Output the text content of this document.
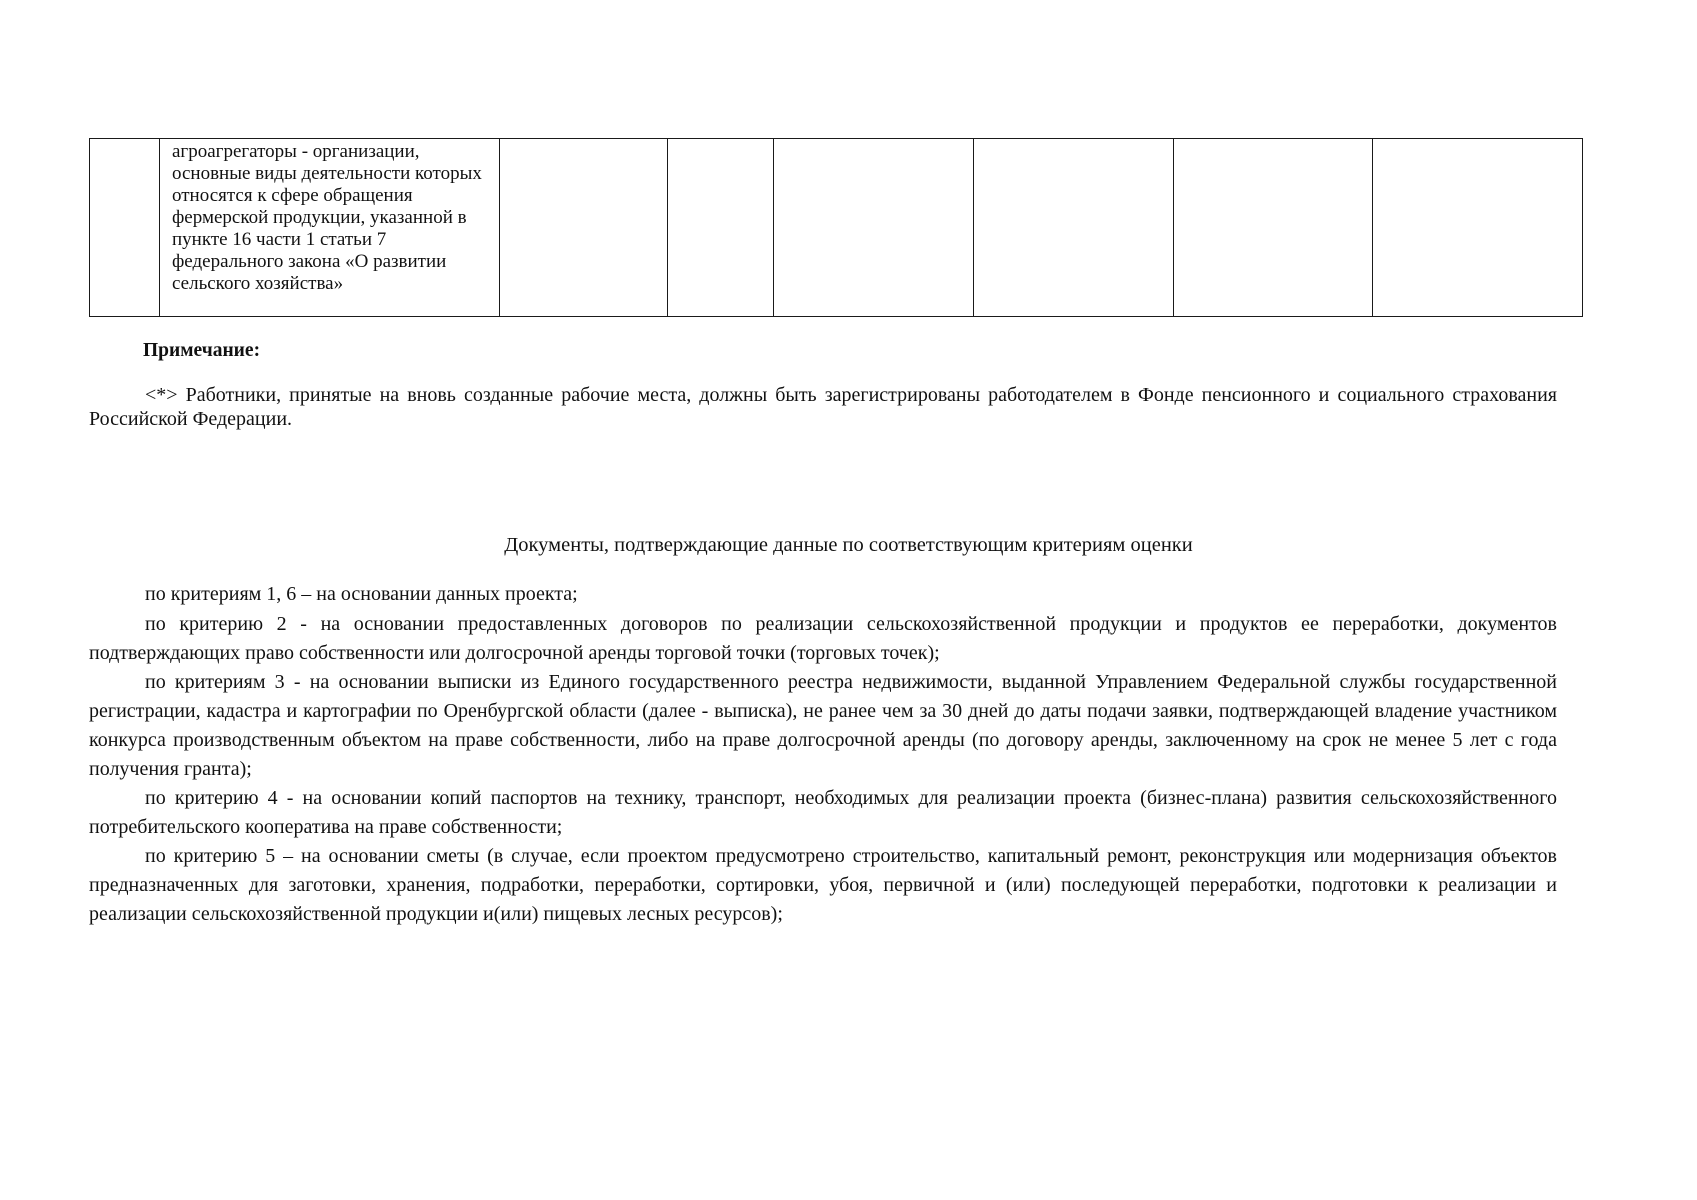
	агроагрегаторы - организации, основные виды деятельности которых относятся к сфере обращения фермерской продукции, указанной в пункте 16 части 1 статьи 7 федерального закона «О развитии сельского хозяйства»						

Примечание:

<*> Работники, принятые на вновь созданные рабочие места, должны быть зарегистрированы работодателем в Фонде пенсионного и социального страхования Российской Федерации.

Документы, подтверждающие данные по соответствующим критериям оценки

по критериям 1, 6 – на основании данных проекта;

по критерию 2 - на основании предоставленных договоров по реализации сельскохозяйственной продукции и продуктов ее переработки, документов подтверждающих право собственности или долгосрочной аренды торговой точки (торговых точек);

по критериям 3 - на основании выписки из Единого государственного реестра недвижимости, выданной Управлением Федеральной службы государственной регистрации, кадастра и картографии по Оренбургской области (далее - выписка), не ранее чем за 30 дней до даты подачи заявки, подтверждающей владение участником конкурса производственным объектом на праве собственности, либо на праве долгосрочной аренды (по договору аренды, заключенному на срок не менее 5 лет с года получения гранта);

по критерию 4 - на основании копий паспортов на технику, транспорт, необходимых для реализации проекта (бизнес-плана) развития сельскохозяйственного потребительского кооператива на праве собственности;

по критерию 5 – на основании сметы (в случае, если проектом предусмотрено строительство, капитальный ремонт, реконструкция или модернизация объектов предназначенных для заготовки, хранения, подработки, переработки, сортировки, убоя, первичной и (или) последующей переработки, подготовки к реализации и реализации сельскохозяйственной продукции и(или) пищевых лесных ресурсов);
